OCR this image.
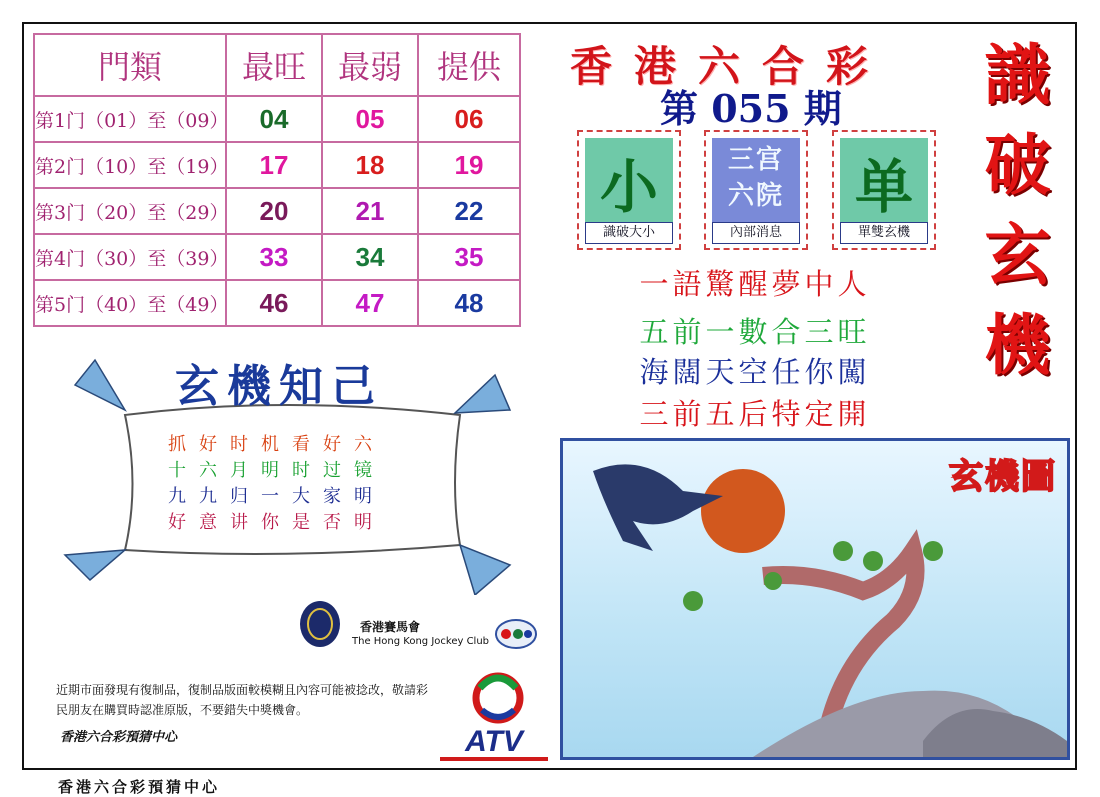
門類	最旺	最弱	提供
第1门（01）至（09）	04	05	06
第2门（10）至（19）	17	18	19
第3门（20）至（29）	20	21	22
第4门（30）至（39）	33	34	35
第5门（40）至（49）	46	47	48
香港六合彩
第 055 期 識
破
玄
機
小
識破大小
三宫六院
內部消息
单
單雙玄機
一語驚醒夢中人
五前一數合三旺
海闊天空任你闖
三前五后特定開
玄機知己
抓好时机看好六
十六月明时过镜
九九归一大家明
好意讲你是否明
玄機圖
香港賽馬會
The Hong Kong Jockey Club
近期市面發現有復制品，復制品版面較模糊且內容可能被捻改，敬請彩民朋友在購買時認准原版，不要錯失中獎機會。
香港六合彩預猜中心	ATV
香港六合彩預猜中心
